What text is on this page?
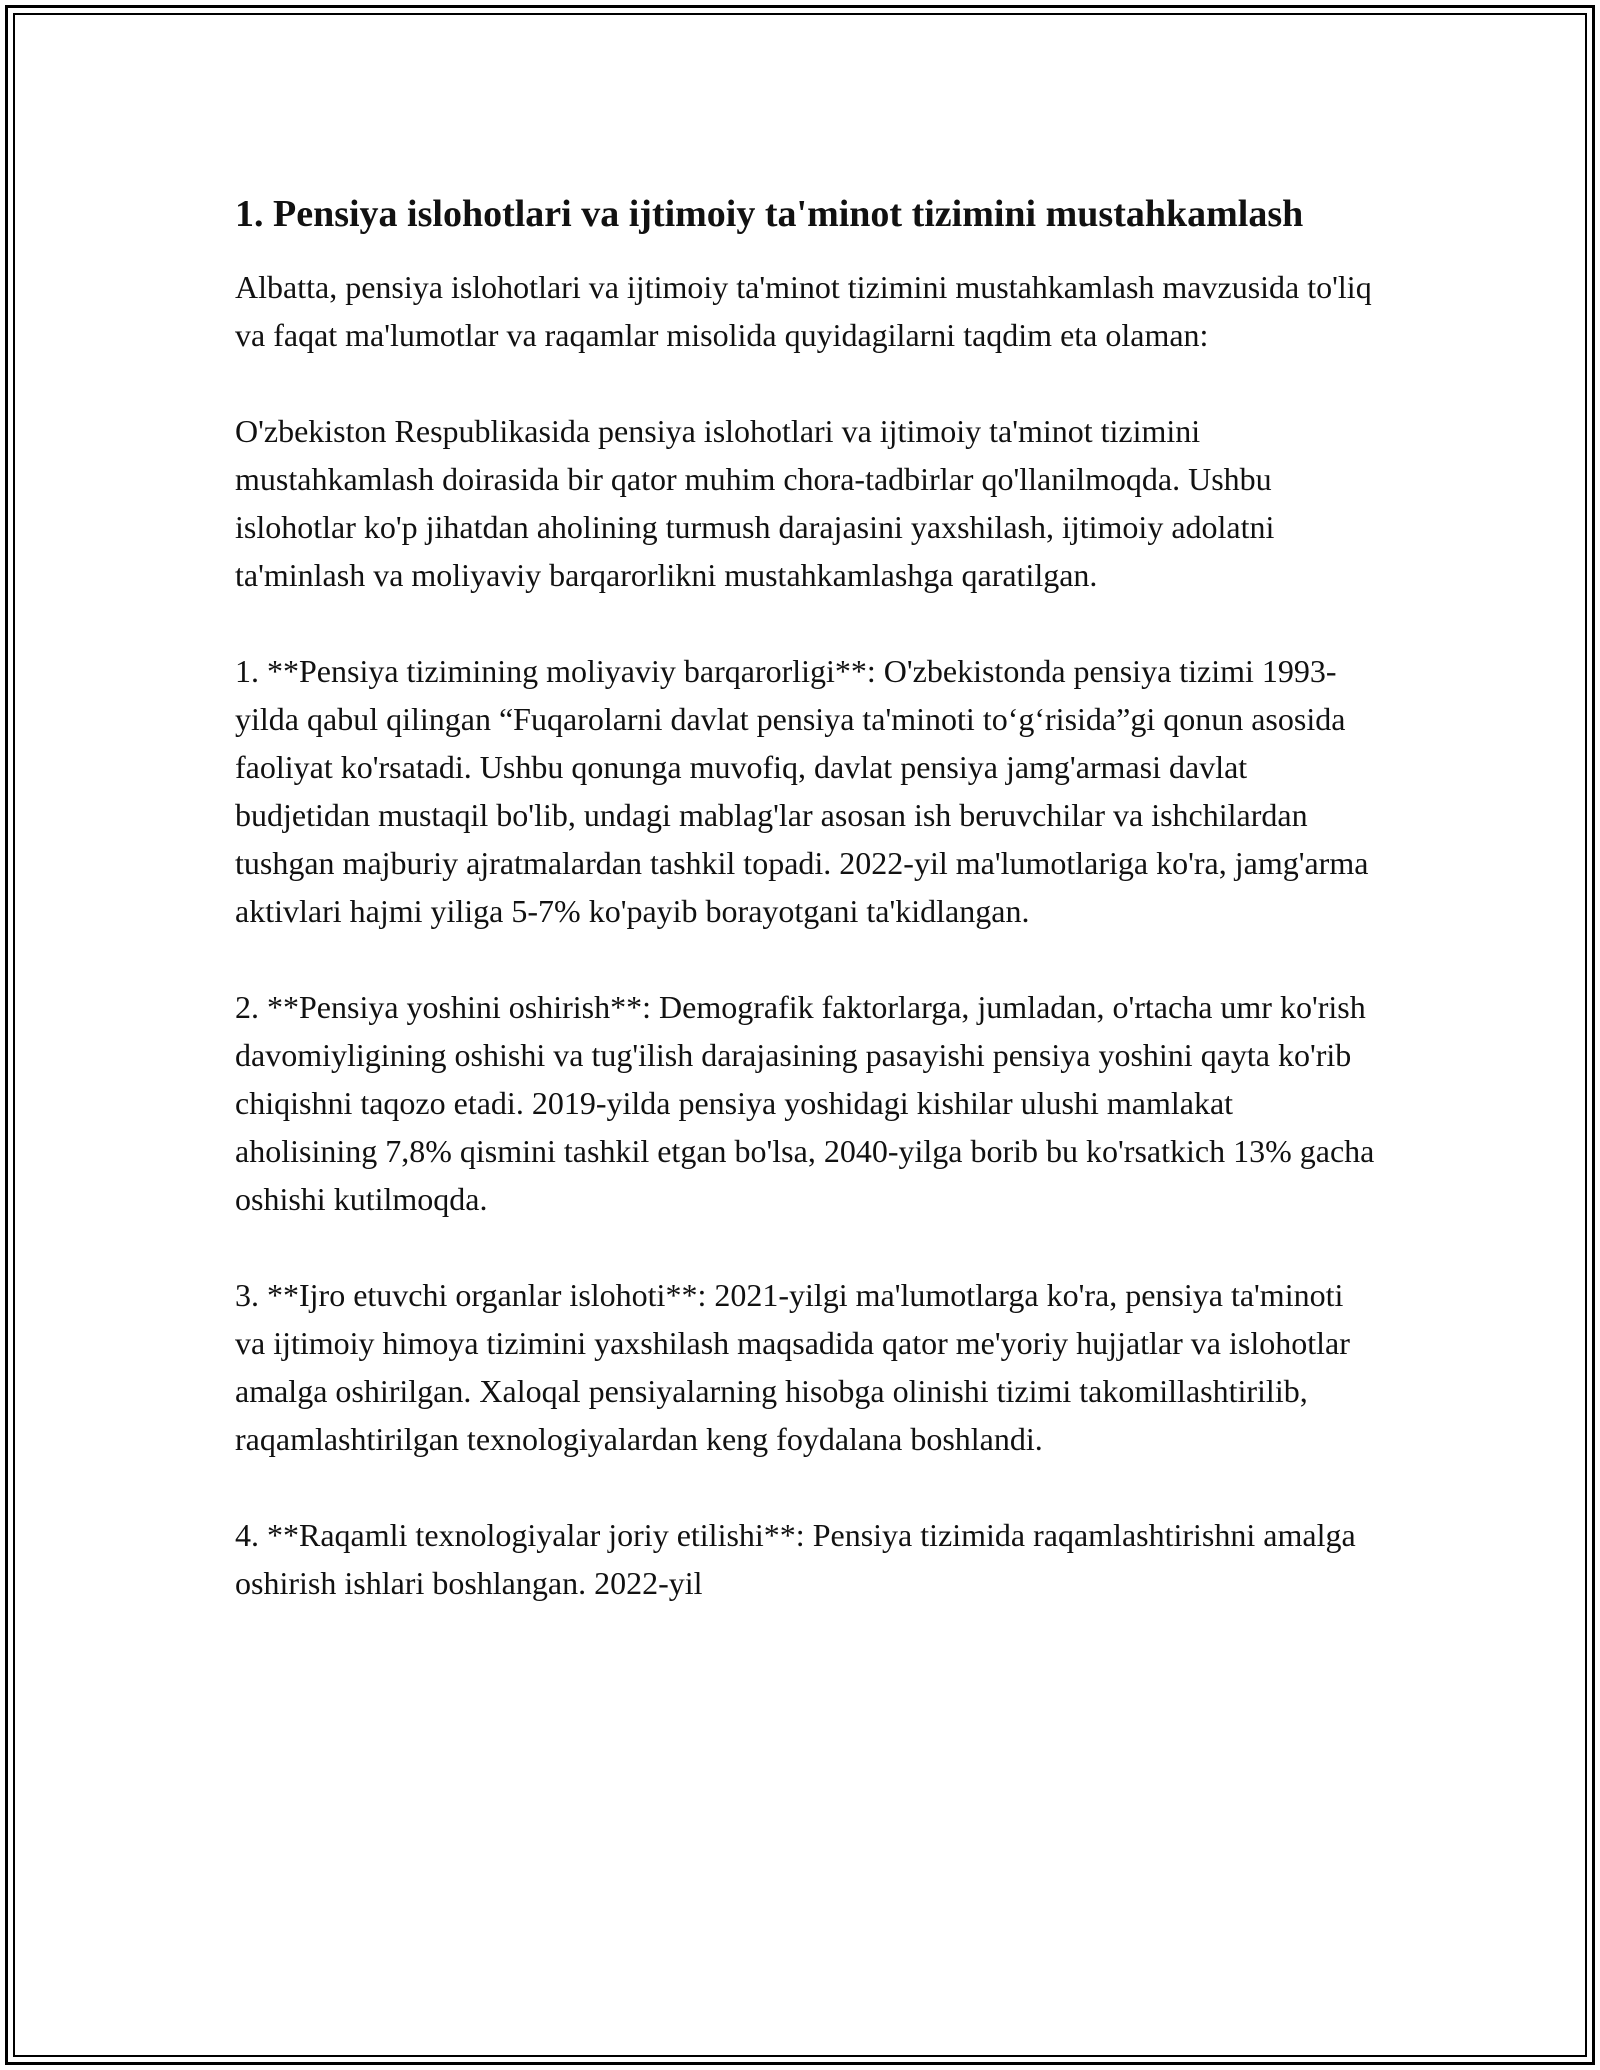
1. Pensiya islohotlari va ijtimoiy ta'minot tizimini mustahkamlash

Albatta, pensiya islohotlari va ijtimoiy ta'minot tizimini mustahkamlash mavzusida to'liq va faqat ma'lumotlar va raqamlar misolida quyidagilarni taqdim eta olaman:

O'zbekiston Respublikasida pensiya islohotlari va ijtimoiy ta'minot tizimini mustahkamlash doirasida bir qator muhim chora-tadbirlar qo'llanilmoqda. Ushbu islohotlar ko'p jihatdan aholining turmush darajasini yaxshilash, ijtimoiy adolatni ta'minlash va moliyaviy barqarorlikni mustahkamlashga qaratilgan.

1. **Pensiya tizimining moliyaviy barqarorligi**: O'zbekistonda pensiya tizimi 1993-yilda qabul qilingan “Fuqarolarni davlat pensiya ta'minoti to‘g‘risida”gi qonun asosida faoliyat ko'rsatadi. Ushbu qonunga muvofiq, davlat pensiya jamg'armasi davlat budjetidan mustaqil bo'lib, undagi mablag'lar asosan ish beruvchilar va ishchilardan tushgan majburiy ajratmalardan tashkil topadi. 2022-yil ma'lumotlariga ko'ra, jamg'arma aktivlari hajmi yiliga 5-7% ko'payib borayotgani ta'kidlangan.

2. **Pensiya yoshini oshirish**: Demografik faktorlarga, jumladan, o'rtacha umr ko'rish davomiyligining oshishi va tug'ilish darajasining pasayishi pensiya yoshini qayta ko'rib chiqishni taqozo etadi. 2019-yilda pensiya yoshidagi kishilar ulushi mamlakat aholisining 7,8% qismini tashkil etgan bo'lsa, 2040-yilga borib bu ko'rsatkich 13% gacha oshishi kutilmoqda.

3. **Ijro etuvchi organlar islohoti**: 2021-yilgi ma'lumotlarga ko'ra, pensiya ta'minoti va ijtimoiy himoya tizimini yaxshilash maqsadida qator me'yoriy hujjatlar va islohotlar amalga oshirilgan. Xaloqal pensiyalarning hisobga olinishi tizimi takomillashtirilib, raqamlashtirilgan texnologiyalardan keng foydalana boshlandi.

4. **Raqamli texnologiyalar joriy etilishi**: Pensiya tizimida raqamlashtirishni amalga oshirish ishlari boshlangan. 2022-yil
